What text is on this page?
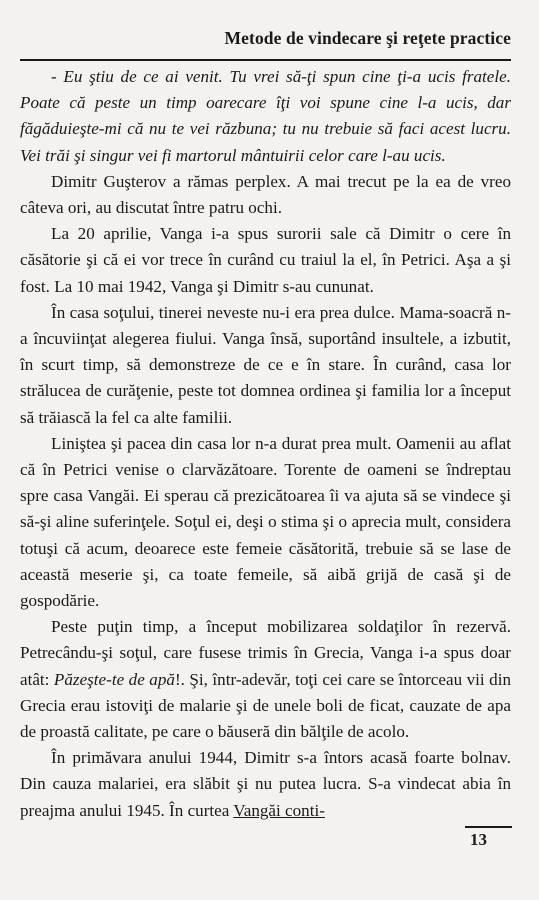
Metode de vindecare şi reţete practice

- Eu ştiu de ce ai venit. Tu vrei să-ţi spun cine ţi-a ucis fratele. Poate că peste un timp oarecare îţi voi spune cine l-a ucis, dar făgăduieşte-mi că nu te vei răzbuna; tu nu trebuie să faci acest lucru. Vei trăi şi singur vei fi martorul mântuirii celor care l-au ucis.

Dimitr Guşterov a rămas perplex. A mai trecut pe la ea de vreo câteva ori, au discutat între patru ochi.

La 20 aprilie, Vanga i-a spus surorii sale că Dimitr o cere în căsătorie şi că ei vor trece în curând cu traiul la el, în Petrici. Aşa a şi fost. La 10 mai 1942, Vanga şi Dimitr s-au cununat.

În casa soţului, tinerei neveste nu-i era prea dulce. Mama-soacră n-a încuviinţat alegerea fiului. Vanga însă, suportând insultele, a izbutit, în scurt timp, să demonstreze de ce e în stare. În curând, casa lor strălucea de curăţenie, peste tot domnea ordinea şi familia lor a început să trăiască la fel ca alte familii.

Liniştea şi pacea din casa lor n-a durat prea mult. Oamenii au aflat că în Petrici venise o clarvăzătoare. Torente de oameni se îndreptau spre casa Vangăi. Ei sperau că prezicătoarea îi va ajuta să se vindece şi să-şi aline suferinţele. Soţul ei, deşi o stima şi o aprecia mult, considera totuşi că acum, deoarece este femeie căsătorită, trebuie să se lase de această meserie şi, ca toate femeile, să aibă grijă de casă şi de gospodărie.

Peste puţin timp, a început mobilizarea soldaţilor în rezervă. Petrecându-şi soţul, care fusese trimis în Grecia, Vanga i-a spus doar atât: Păzeşte-te de apă!. Şi, într-adevăr, toţi cei care se întorceau vii din Grecia erau istoviţi de malarie şi de unele boli de ficat, cauzate de apa de proastă calitate, pe care o băuseră din bălţile de acolo.

În primăvara anului 1944, Dimitr s-a întors acasă foarte bolnav. Din cauza malariei, era slăbit şi nu putea lucra. S-a vindecat abia în preajma anului 1945. În curtea Vangăi conti-

13
